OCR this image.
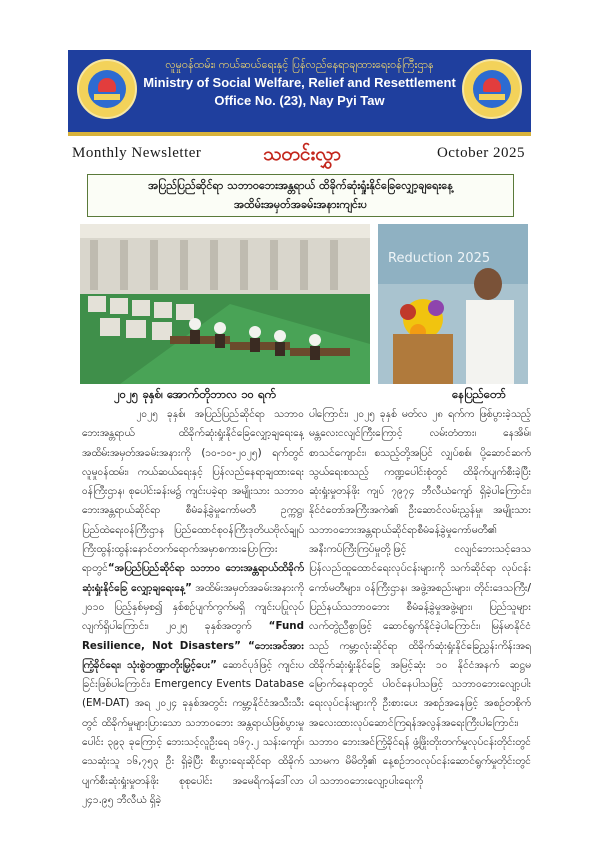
လူမှုဝန်ထမ်း၊ ကယ်ဆယ်ရေးနှင့် ပြန်လည်နေရာချထားရေးဝန်ကြီးဌာန
Ministry of Social Welfare, Relief and Resettlement
Office No. (23), Nay Pyi Taw
Monthly Newsletter	သတင်းလွှာ	October 2025
အပြည်ပြည်ဆိုင်ရာ သဘာဝဘေးအန္တရာယ် ထိခိုက်ဆုံးရှုံးနိုင်ခြေလျှော့ချရေးနေ့
အထိမ်းအမှတ်အခမ်းအနားကျင်းပ
Reduction 2025
၂၀၂၅ ခုနှစ်၊ အောက်တိုဘာလ ၁၀ ရက်	နေပြည်တော်

၂၀၂၅ ခုနှစ်၊ အပြည်ပြည်ဆိုင်ရာ သဘာဝဘေးအန္တရာယ် ထိခိုက်ဆုံးရှုံးနိုင်ခြေလျှော့ချရေးနေ့ အထိမ်းအမှတ်အခမ်းအနားကို (၁၀-၁၀-၂၀၂၅) ရက်တွင် လူမှုဝန်ထမ်း၊ ကယ်ဆယ်ရေးနှင့် ပြန်လည်နေရာချထားရေးဝန်ကြီးဌာန၊ စုပေါင်းခန်းမ၌ ကျင်းပခဲ့ရာ အမျိုးသား သဘာဝဘေးအန္တရာယ်ဆိုင်ရာ စီမံခန့်ခွဲမှုကော်မတီ ဥက္ကဋ္ဌ၊ ပြည်ထဲရေးဝန်ကြီးဌာန ပြည်ထောင်စုဝန်ကြီးဒုတိယဗိုလ်ချုပ်ကြီးထွန်းထွန်းနောင်တက်ရောက်အမှာစကားပြောကြားရာတွင်“အပြည်ပြည်ဆိုင်ရာ သဘာဝ ဘေးအန္တရာယ်ထိခိုက်ဆုံးရှုံးနိုင်ခြေ လျှော့ချရေးနေ့” အထိမ်းအမှတ်အခမ်းအနားကို ၂၀၁၀ ပြည့်နှစ်မှစ၍ နှစ်စဉ်ပျက်ကွက်မရှိ ကျင်းပပြုလုပ်လျက်ရှိပါကြောင်း၊ ၂၀၂၅ ခုနှစ်အတွက် “Fund Resilience, Not Disasters” “ဘေးအင်အားကြံ့ခိုင်ရေး၊ သုံးစွဲဘဏ္ဍာတိုးမြှင့်ပေး” ဆောင်ပုဒ်ဖြင့် ကျင်းပခြင်းဖြစ်ပါကြောင်း၊ Emergency Events Database (EM-DAT) အရ ၂၀၂၄ ခုနှစ်အတွင်း ကမ္ဘာ့နိုင်ငံအသီးသီးတွင် ထိခိုက်မှုများပြားသော သဘာဝဘေး အန္တရာယ်ဖြစ်ပွားမှုပေါင်း ၃၉၃ ခုကြောင့် ဘေးသင့်လူဦးရေ ၁၆၇.၂ သန်းကျော်၊ သေဆုံးသူ ၁၆,၇၅၃ ဦး ရှိခဲ့ပြီး စီးပွားရေးဆိုင်ရာ ထိခိုက် ပျက်စီးဆုံးရှုံးမှုတန်ဖိုး စုစုပေါင်း အမေရိကန်ဒေါ်လာ ၂၄၁.၉၅ ဘီလီယံ ရှိခဲ့

ပါကြောင်း၊ ၂၀၂၅ ခုနှစ် မတ်လ ၂၈ ရက်က ဖြစ်ပွားခဲ့သည့် မန္တလေးငလျင်ကြီးကြောင့် လမ်းတံတား၊ နေအိမ်၊ စာသင်ကျောင်း၊ စသည့်တို့အပြင် လျှပ်စစ်၊ ပို့ဆောင်ဆက်သွယ်ရေးစသည့် ကဏ္ဍပေါင်းစုံတွင် ထိခိုက်ပျက်စီးခဲ့ပြီး ဆုံးရှုံးမှုတန်ဖိုး ကျပ် ၇၉၇၄ ဘီလီယံကျော် ရှိခဲ့ပါကြောင်း၊ နိုင်ငံတော်အကြီးအကဲ၏ ဦးဆောင်လမ်းညွှန်မှု၊ အမျိုးသားသဘာဝဘေးအန္တရာယ်ဆိုင်ရာစီမံခန့်ခွဲမှုကော်မတီ၏ အနီးကပ်ကြီးကြပ်မှုတို့ဖြင့် ငလျင်ဘေးသင့်ဒေသပြန်လည်ထူထောင်ရေးလုပ်ငန်းများကို သက်ဆိုင်ရာ လုပ်ငန်းကော်မတီများ၊ ဝန်ကြီးဌာန၊ အဖွဲ့အစည်းများ၊ တိုင်းဒေသကြီး/ ပြည်နယ်သဘာဝဘေး စီမံခန့်ခွဲမှုအဖွဲ့များ၊ ပြည်သူများ လက်တွဲညီစွာဖြင့် ဆောင်ရွက်နိုင်ခဲ့ပါကြောင်း၊ မြန်မာနိုင်ငံသည် ကမ္ဘာ့လုံးဆိုင်ရာ ထိခိုက်ဆုံးရှုံးနိုင်ခြေညွှန်းကိန်းအရ ထိခိုက်ဆုံးရှုံးနိုင်ခြေ အမြင့်ဆုံး ၁၀ နိုင်ငံအနက် ဆဋ္ဌမမြောက်နေရာတွင် ပါဝင်နေပါသဖြင့် သဘာဝဘေးလျော့ပါးရေးလုပ်ငန်းများကို ဦးစားပေး အစဉ်အနေဖြင့် အစဉ်တစိုက် အလေးထားလုပ်ဆောင်ကြရန်အလွန်အရေးကြီးပါကြောင်း၊ သဘာဝ ဘေးအင်ကြံ့ခိုင်ရန် ဖွံ့ဖြိုးတိုးတက်မှုလုပ်ငန်းတိုင်းတွင် သာမက မိမိတို့၏ နေ့စဉ်ဘဝလုပ်ငန်းဆောင်ရွက်မှုတိုင်းတွင်ပါ သဘာဝဘေးလျော့ပါးရေးကို
